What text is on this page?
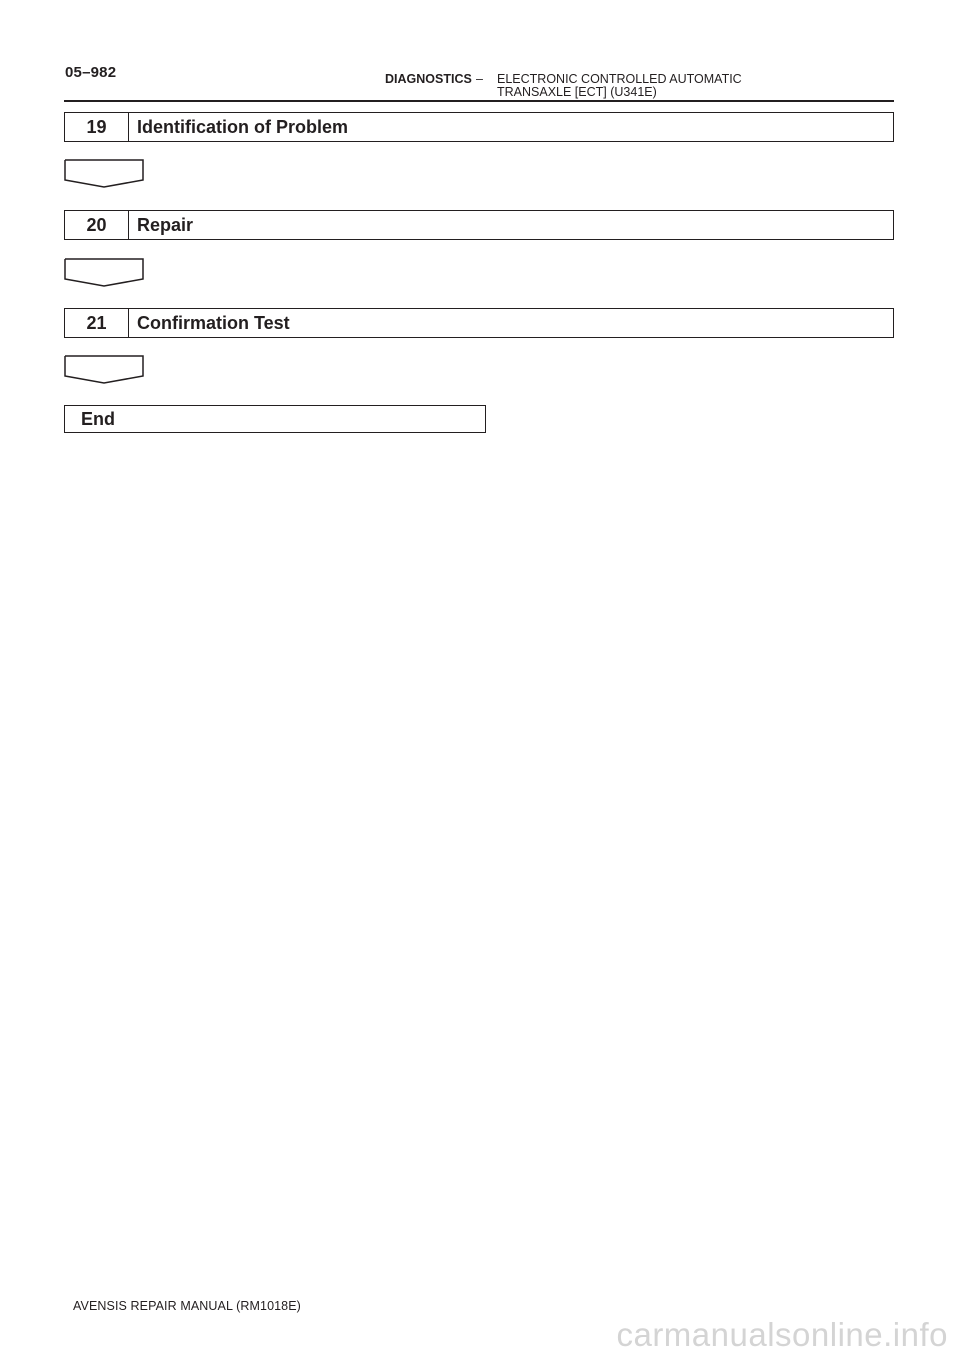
05–982	DIAGNOSTICS – ELECTRONIC CONTROLLED AUTOMATIC
TRANSAXLE [ECT] (U341E)
19	Identification of Problem
20	Repair
21	Confirmation Test
End
AVENSIS REPAIR MANUAL (RM1018E)
carmanualsonline.info
